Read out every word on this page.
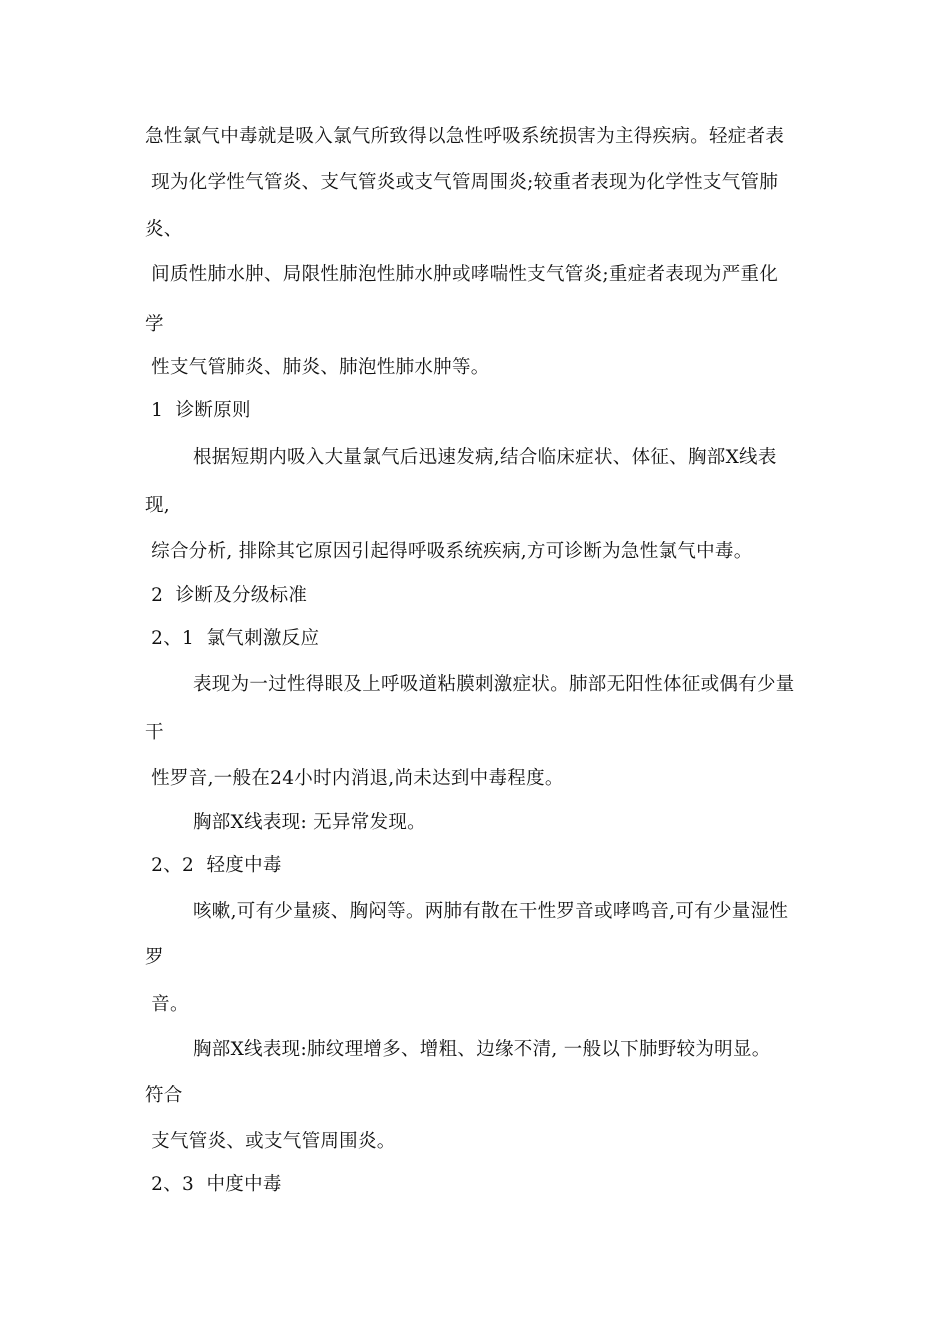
急性氯气中毒就是吸入氯气所致得以急性呼吸系统损害为主得疾病。轻症者表
现为化学性气管炎、支气管炎或支气管周围炎;较重者表现为化学性支气管肺
炎、
间质性肺水肿、局限性肺泡性肺水肿或哮喘性支气管炎;重症者表现为严重化
学
性支气管肺炎、肺炎、肺泡性肺水肿等。
1  诊断原则
根据短期内吸入大量氯气后迅速发病,结合临床症状、体征、胸部X线表
现,
综合分析, 排除其它原因引起得呼吸系统疾病,方可诊断为急性氯气中毒。
2  诊断及分级标准
2、1  氯气刺激反应
表现为一过性得眼及上呼吸道粘膜刺激症状。肺部无阳性体征或偶有少量
干
性罗音,一般在24小时内消退,尚未达到中毒程度。
胸部X线表现: 无异常发现。
2、2  轻度中毒
咳嗽,可有少量痰、胸闷等。两肺有散在干性罗音或哮鸣音,可有少量湿性
罗
音。
胸部X线表现:肺纹理增多、增粗、边缘不清, 一般以下肺野较为明显。
符合
支气管炎、或支气管周围炎。
2、3  中度中毒
